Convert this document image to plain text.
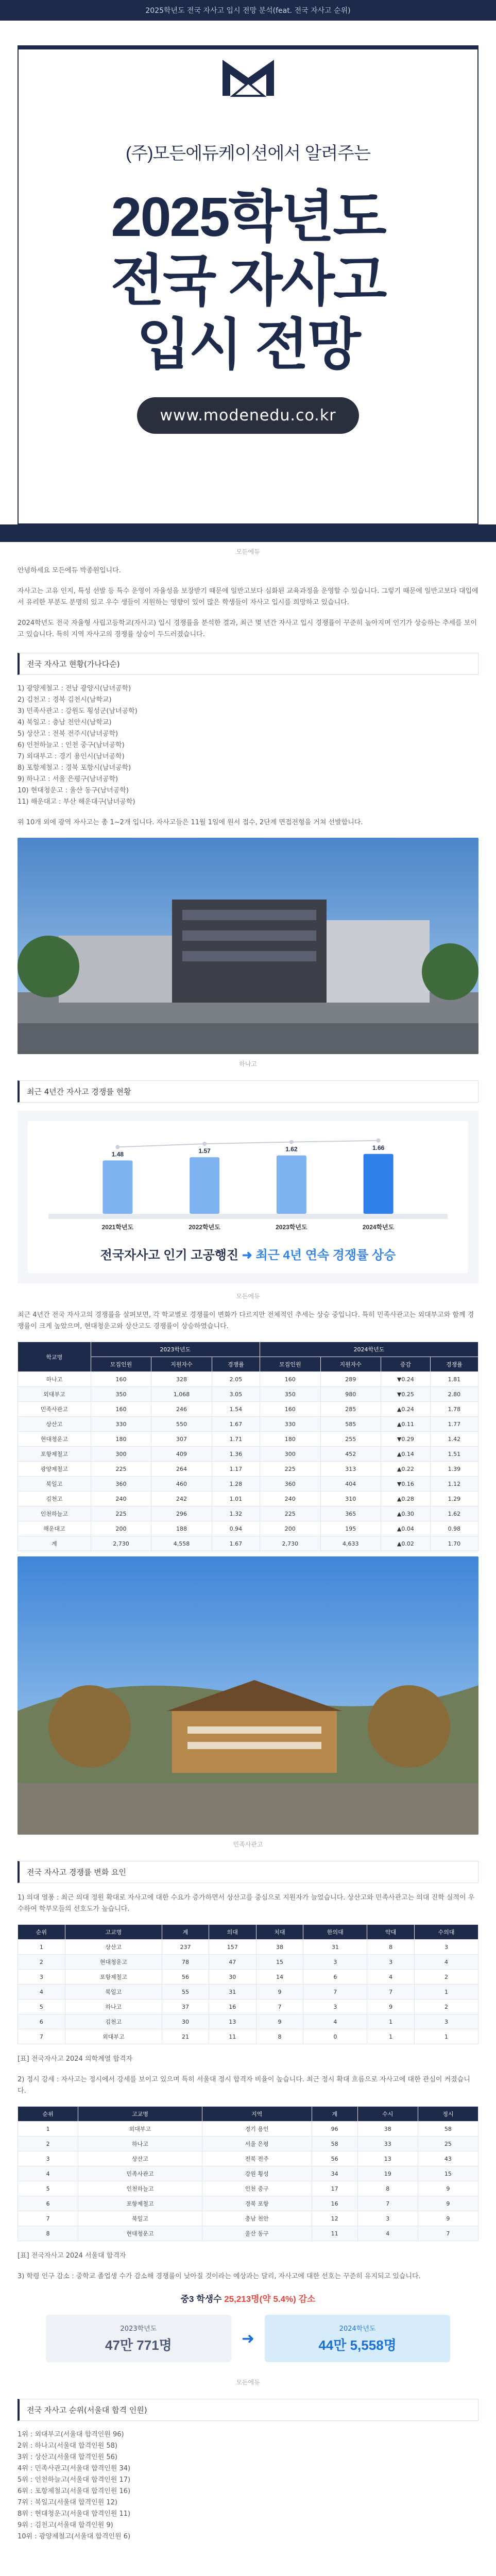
2025학년도 전국 자사고 입시 전망 분석(feat. 전국 자사고 순위)
(주)모든에듀케이션에서 알려주는
2025학년도
전국 자사고
입시 전망
www.modenedu.co.kr
모든에듀

안녕하세요 모든에듀 박종원입니다.

자사고는 고유 인지, 특성 선발 등 특수 운영이 자율성을 보장받기 때문에 일반고보다 심화된 교육과정을 운영할 수 있습니다. 그렇기 때문에 일반고보다 대입에서 유리한 부분도 분명히 있고 우수 생들이 지원하는 영향이 있어 많은 학생들이 자사고 입시를 희망하고 있습니다.

2024학년도 전국 자율형 사립고등학교(자사고) 입시 경쟁률을 분석한 결과, 최근 몇 년간 자사고 입시 경쟁률이 꾸준히 높아지며 인기가 상승하는 추세를 보이고 있습니다. 특히 지역 자사고의 경쟁률 상승이 두드러졌습니다.

전국 자사고 현황(가나다순)
1) 광양제철고 : 전남 광양시(남녀공학)
2) 김천고 : 경북 김천시(남학교)
3) 민족사관고 : 강원도 횡성군(남녀공학)
4) 북일고 : 충남 천안시(남학교)
5) 상산고 : 전북 전주시(남녀공학)
6) 인천하늘고 : 인천 중구(남녀공학)
7) 외대부고 : 경기 용인시(남녀공학)
8) 포항제철고 : 경북 포항시(남녀공학)
9) 하나고 : 서울 은평구(남녀공학)
10) 현대청운고 : 울산 동구(남녀공학)
11) 해운대고 : 부산 해운대구(남녀공학)

위 10개 외에 광역 자사고는 총 1~2개 입니다. 자사고들은 11월 1일에 원서 접수, 2단계 면접전형을 거쳐 선발합니다.

하나고
최근 4년간 자사고 경쟁률 현황
1.48
2021학년도
1.57
2022학년도
1.62
2023학년도
1.66
2024학년도
전국자사고 인기 고공행진 ➜ 최근 4년 연속 경쟁률 상승
모든에듀

최근 4년간 전국 자사고의 경쟁률을 살펴보면, 각 학교별로 경쟁률이 변화가 다르지만 전체적인 추세는 상승 중입니다. 특히 민족사관고는 외대부고와 함께 경쟁률이 크게 높았으며, 현대청운고와 상산고도 경쟁률이 상승하였습니다.

학교명	2023학년도			2024학년도			
	모집인원	지원자수	경쟁률	모집인원	지원자수	증감	경쟁률
하나고	160	328	2.05	160	289	▼0.24	1.81
외대부고	350	1,068	3.05	350	980	▼0.25	2.80
민족사관고	160	246	1.54	160	285	▲0.24	1.78
상산고	330	550	1.67	330	585	▲0.11	1.77
현대청운고	180	307	1.71	180	255	▼0.29	1.42
포항제철고	300	409	1.36	300	452	▲0.14	1.51
광양제철고	225	264	1.17	225	313	▲0.22	1.39
북일고	360	460	1.28	360	404	▼0.16	1.12
김천고	240	242	1.01	240	310	▲0.28	1.29
인천하늘고	225	296	1.32	225	365	▲0.30	1.62
해운대고	200	188	0.94	200	195	▲0.04	0.98
계	2,730	4,558	1.67	2,730	4,633	▲0.02	1.70
민족사관고
전국 자사고 경쟁률 변화 요인

1) 의대 열풍 : 최근 의대 정원 확대로 자사고에 대한 수요가 증가하면서 상산고를 중심으로 지원자가 늘었습니다. 상산고와 민족사관고는 의대 진학 실적이 우수하여 학부모들의 선호도가 높습니다.

순위	고교명	계	의대	치대	한의대	약대	수의대
1	상산고	237	157	38	31	8	3
2	현대청운고	78	47	15	3	3	4
3	포항제철고	56	30	14	6	4	2
4	북일고	55	31	9	7	7	1
5	하나고	37	16	7	3	9	2
6	김천고	30	13	9	4	1	3
7	외대부고	21	11	8	0	1	1

[표] 전국자사고 2024 의학계열 합격자

2) 정시 강세 : 자사고는 정시에서 강세를 보이고 있으며 특히 서울대 정시 합격자 비율이 높습니다. 최근 정시 확대 흐름으로 자사고에 대한 관심이 커졌습니다.

순위	고교명	지역	계	수시	정시
1	외대부고	경기 용인	96	38	58
2	하나고	서울 은평	58	33	25
3	상산고	전북 전주	56	13	43
4	민족사관고	강원 횡성	34	19	15
5	인천하늘고	인천 중구	17	8	9
6	포항제철고	경북 포항	16	7	9
7	북일고	충남 천안	12	3	9
8	현대청운고	울산 동구	11	4	7

[표] 전국자사고 2024 서울대 합격자

3) 학령 인구 감소 : 중학교 졸업생 수가 감소해 경쟁률이 낮아질 것이라는 예상과는 달리, 자사고에 대한 선호는 꾸준히 유지되고 있습니다.

중3 학생수 25,213명(약 5.4%) 감소
2023학년도
47만 771명	➜
2024학년도
44만 5,558명
모든에듀
전국 자사고 순위(서울대 합격 인원)
1위 : 외대부고(서울대 합격인원 96)
2위 : 하나고(서울대 합격인원 58)
3위 : 상산고(서울대 합격인원 56)
4위 : 민족사관고(서울대 합격인원 34)
5위 : 인천하늘고(서울대 합격인원 17)
6위 : 포항제철고(서울대 합격인원 16)
7위 : 북일고(서울대 합격인원 12)
8위 : 현대청운고(서울대 합격인원 11)
9위 : 김천고(서울대 합격인원 9)
10위 : 광양제철고(서울대 합격인원 6)
